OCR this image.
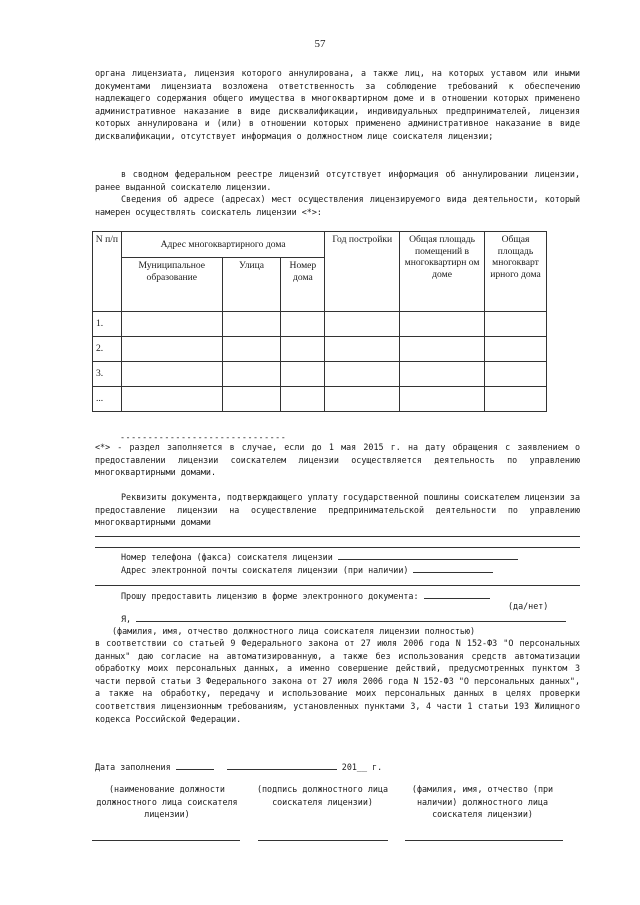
57
органа лицензиата, лицензия которого аннулирована, а также лиц, на которых уставом или иными документами лицензиата возложена ответственность за соблюдение требований к обеспечению надлежащего содержания общего имущества в многоквартирном доме и в отношении которых применено административное наказание в виде дисквалификации, индивидуальных предпринимателей, лицензия которых аннулирована и (или) в отношении которых применено административное наказание в виде дисквалификации, отсутствует информация о должностном лице соискателя лицензии;
в сводном федеральном реестре лицензий отсутствует информация об аннулировании лицензии, ранее выданной соискателю лицензии.
Сведения об адресе (адресах) мест осуществления лицензируемого вида деятельности, который намерен осуществлять соискатель лицензии <*>:
N п/п	Адрес многоквартирного дома			Год постройки	Общая площадь помещений в многоквартирн ом доме	Общая площадь многокварт ирного дома
	Муниципальное образование	Улица	Номер дома			
1.						
2.						
3.						
...						
------------------------------
<*> - раздел заполняется в случае, если до 1 мая 2015 г. на дату обращения с заявлением о предоставлении лицензии соискателем лицензии осуществляется деятельность по управлению многоквартирными домами.
Реквизиты документа, подтверждающего уплату государственной пошлины соискателем лицензии за предоставление лицензии на осуществление предпринимательской деятельности по управлению многоквартирными домами
Номер телефона (факса) соискателя лицензии
Адрес электронной почты соискателя лицензии (при наличии)
Прошу предоставить лицензию в форме электронного документа:
(да/нет)
Я,
(фамилия, имя, отчество должностного лица соискателя лицензии полностью)
в соответствии со статьей 9 Федерального закона от 27 июля 2006 года N 152-ФЗ "О персональных данных" даю согласие на автоматизированную, а также без использования средств автоматизации обработку моих персональных данных, а именно совершение действий, предусмотренных пунктом 3 части первой статьи 3 Федерального закона от 27 июля 2006 года N 152-ФЗ "О персональных данных", а также на обработку, передачу и использование моих персональных данных в целях проверки соответствия лицензионным требованиям, установленных пунктами 3, 4 части 1 статьи 193 Жилищного кодекса Российской Федерации.
Дата заполнения	201__ г.
(наименование должности должностного лица соискателя лицензии)
(подпись должностного лица соискателя лицензии)
(фамилия, имя, отчество (при наличии) должностного лица соискателя лицензии)
